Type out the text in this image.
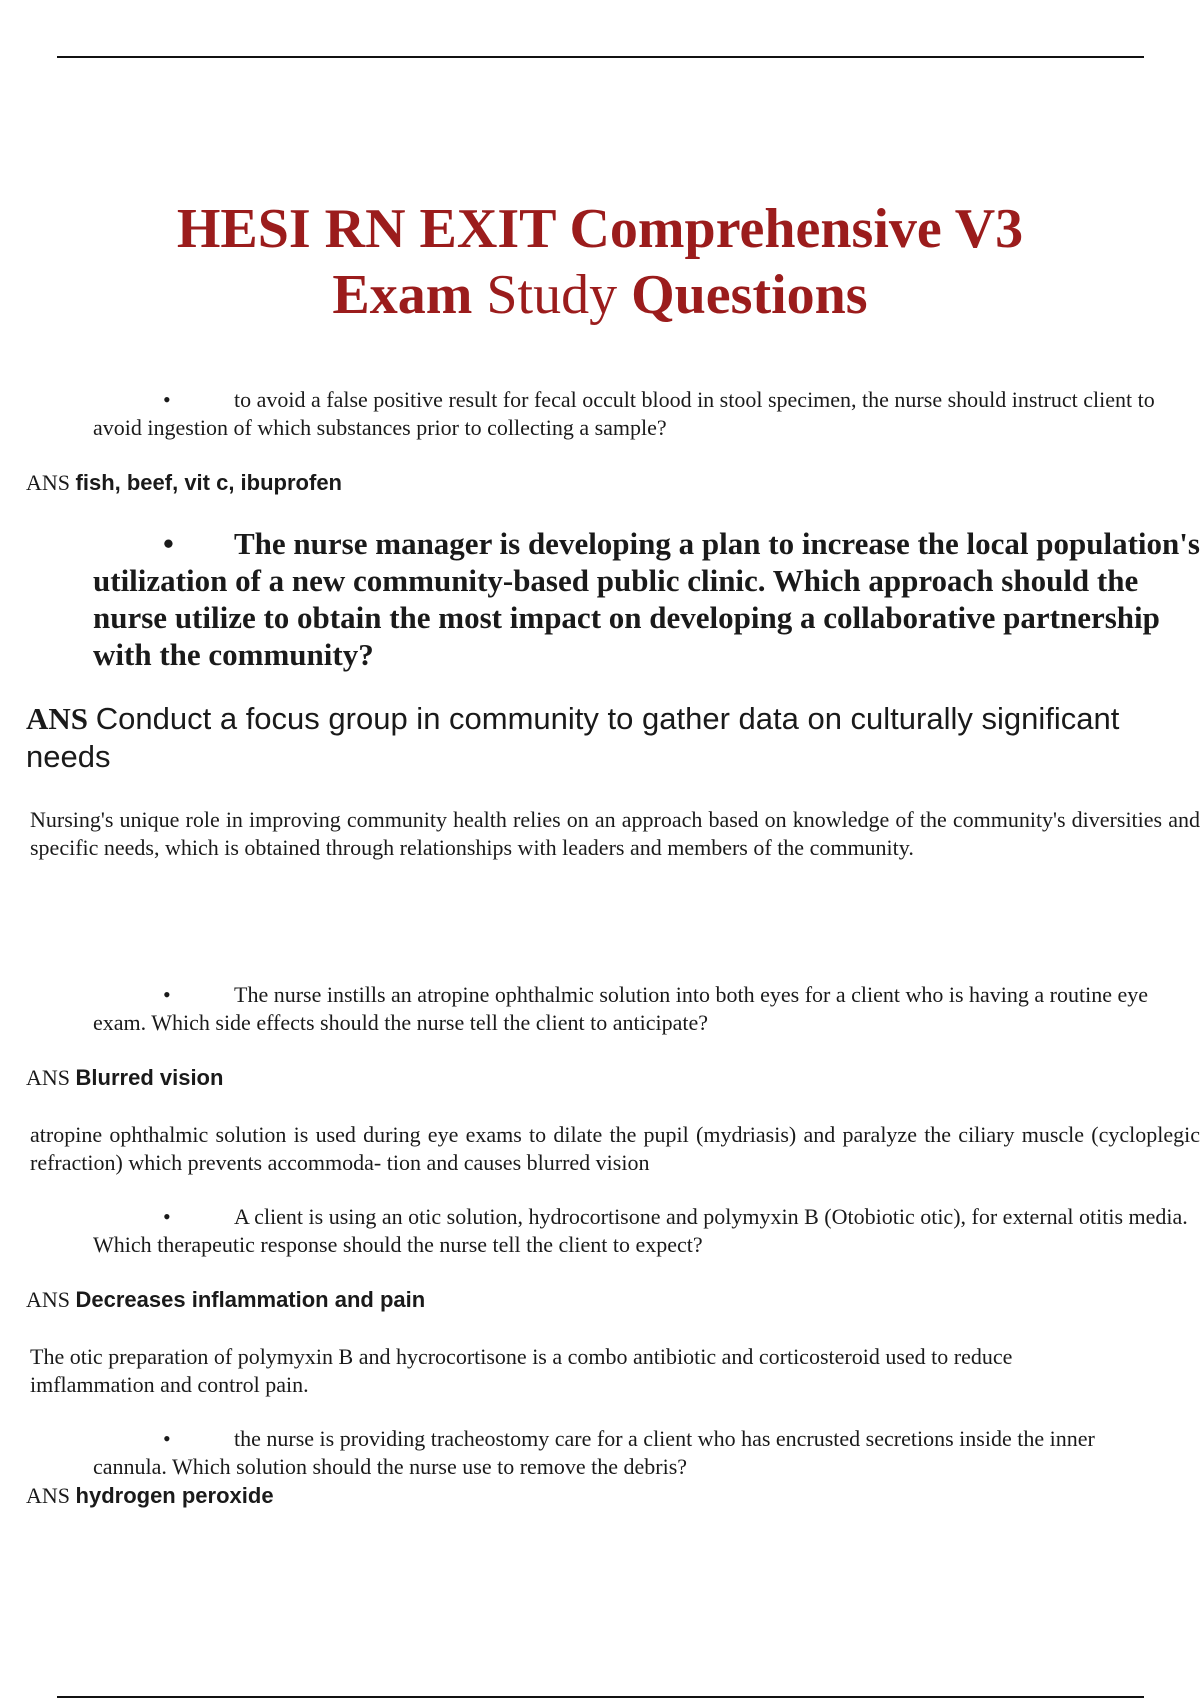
HESI RN EXIT Comprehensive V3
Exam Study Questions
•	to avoid a false positive result for fecal occult blood in stool specimen, the nurse should instruct client to avoid ingestion of which substances prior to collecting a sample?
ANS fish, beef, vit c, ibuprofen
•	The nurse manager is developing a plan to increase the local population's utilization of a new community-based public clinic. Which approach should the nurse utilize to obtain the most impact on developing a collaborative partnership with the community?
ANS Conduct a focus group in community to gather data on culturally significant needs
Nursing's unique role in improving community health relies on an approach based on knowledge of the community's diversities and specific needs, which is obtained through relationships with leaders and members of the community.
•	The nurse instills an atropine ophthalmic solution into both eyes for a client who is having a routine eye exam. Which side effects should the nurse tell the client to anticipate?
ANS Blurred vision
atropine ophthalmic solution is used during eye exams to dilate the pupil (mydriasis) and paralyze the ciliary muscle (cycloplegic refraction) which prevents accommoda- tion and causes blurred vision
•	A client is using an otic solution, hydrocortisone and polymyxin B (Otobiotic otic), for external otitis media. Which therapeutic response should the nurse tell the client to expect?
ANS Decreases inflammation and pain
The otic preparation of polymyxin B and hycrocortisone is a combo antibiotic and corticosteroid used to reduce imflammation and control pain.
•	the nurse is providing tracheostomy care for a client who has encrusted secretions inside the inner cannula. Which solution should the nurse use to remove the debris?
ANS hydrogen peroxide
